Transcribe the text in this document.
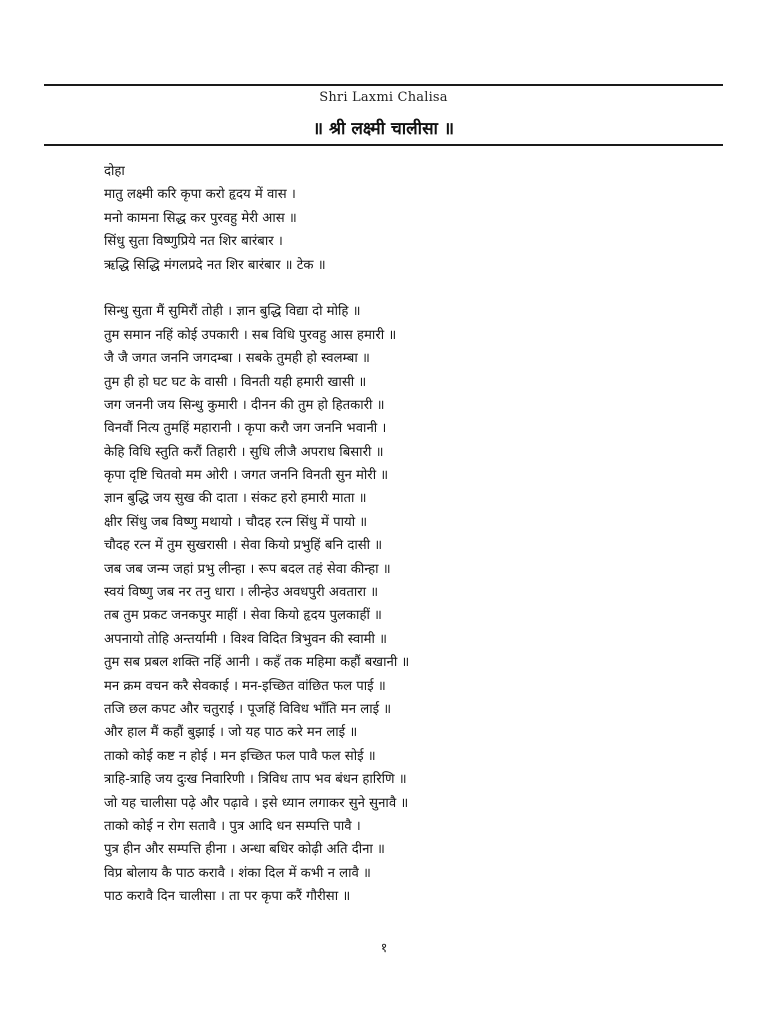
Shri Laxmi Chalisa
॥ श्री लक्ष्मी चालीसा ॥
दोहा
मातु लक्ष्मी करि कृपा करो हृदय में वास ।
मनो कामना सिद्ध कर पुरवहु मेरी आस ॥
सिंधु सुता विष्णुप्रिये नत शिर बारंबार ।
ऋद्धि सिद्धि मंगलप्रदे नत शिर बारंबार ॥ टेक ॥
सिन्धु सुता मैं सुमिरौं तोही । ज्ञान बुद्धि विद्या दो मोहि ॥
तुम समान नहिं कोई उपकारी । सब विधि पुरवहु आस हमारी ॥
जै जै जगत जननि जगदम्बा । सबके तुमही हो स्वलम्बा ॥
तुम ही हो घट घट के वासी । विनती यही हमारी खासी ॥
जग जननी जय सिन्धु कुमारी । दीनन की तुम हो हितकारी ॥
विनवौं नित्य तुमहिं महारानी । कृपा करौ जग जननि भवानी ।
केहि विधि स्तुति करौं तिहारी । सुधि लीजै अपराध बिसारी ॥
कृपा दृष्टि चितवो मम ओरी । जगत जननि विनती सुन मोरी ॥
ज्ञान बुद्धि जय सुख की दाता । संकट हरो हमारी माता ॥
क्षीर सिंधु जब विष्णु मथायो । चौदह रत्न सिंधु में पायो ॥
चौदह रत्न में तुम सुखरासी । सेवा कियो प्रभुहिं बनि दासी ॥
जब जब जन्म जहां प्रभु लीन्हा । रूप बदल तहं सेवा कीन्हा ॥
स्वयं विष्णु जब नर तनु धारा । लीन्हेउ अवधपुरी अवतारा ॥
तब तुम प्रकट जनकपुर माहीं । सेवा कियो हृदय पुलकाहीं ॥
अपनायो तोहि अन्तर्यामी । विश्व विदित त्रिभुवन की स्वामी ॥
तुम सब प्रबल शक्ति नहिं आनी । कहँ तक महिमा कहौं बखानी ॥
मन क्रम वचन करै सेवकाई । मन-इच्छित वांछित फल पाई ॥
तजि छल कपट और चतुराई । पूजहिं विविध भाँति मन लाई ॥
और हाल मैं कहौं बुझाई । जो यह पाठ करे मन लाई ॥
ताको कोई कष्ट न होई । मन इच्छित फल पावै फल सोई ॥
त्राहि-त्राहि जय दुःख निवारिणी । त्रिविध ताप भव बंधन हारिणि ॥
जो यह चालीसा पढ़े और पढ़ावे । इसे ध्यान लगाकर सुने सुनावै ॥
ताको कोई न रोग सतावै । पुत्र आदि धन सम्पत्ति पावै ।
पुत्र हीन और सम्पत्ति हीना । अन्धा बधिर कोढ़ी अति दीना ॥
विप्र बोलाय कै पाठ करावै । शंका दिल में कभी न लावै ॥
पाठ करावै दिन चालीसा । ता पर कृपा करैं गौरीसा ॥
१
